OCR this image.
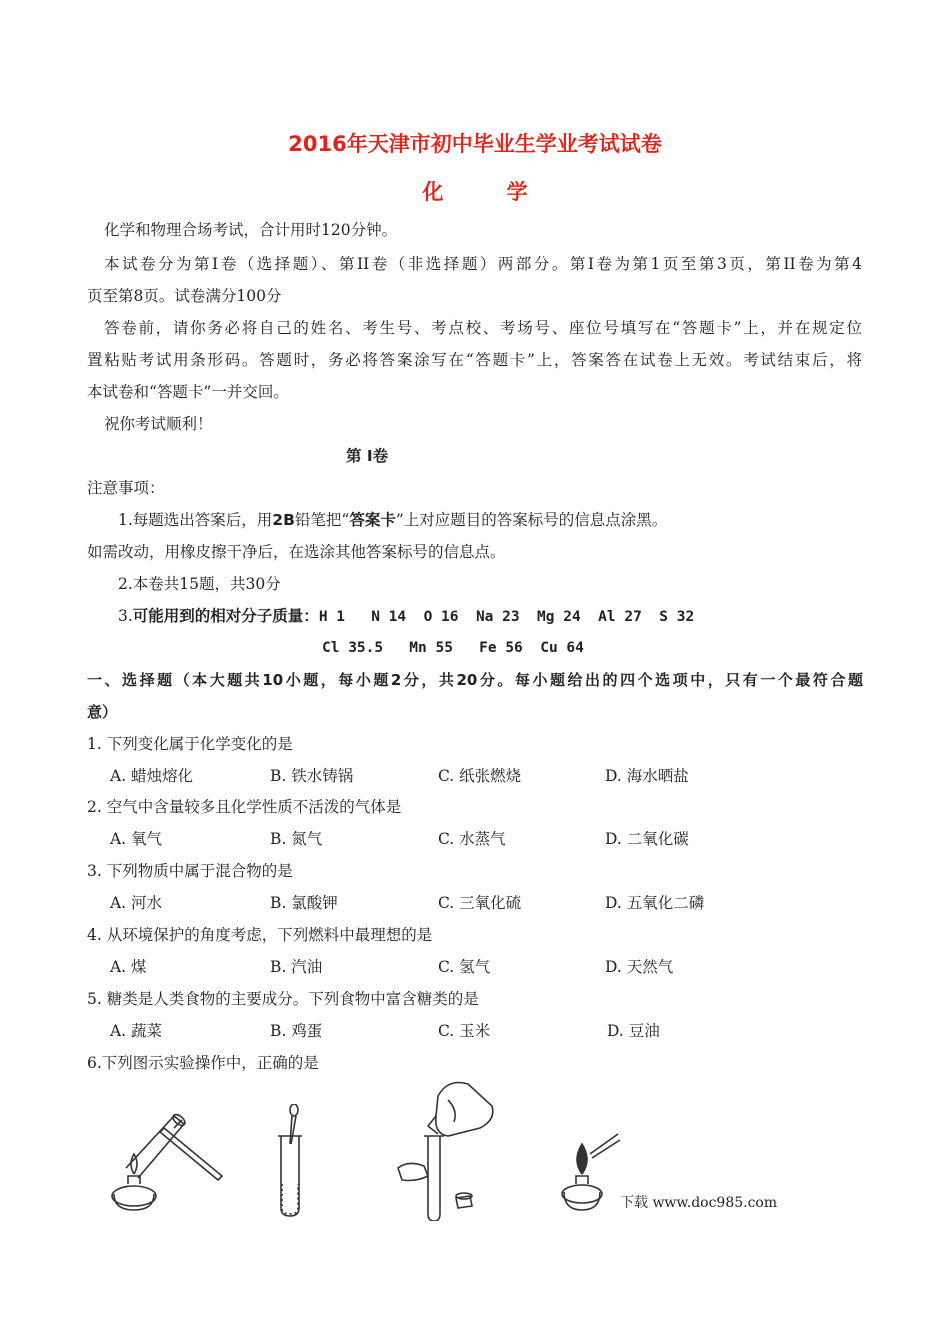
2016年天津市初中毕业生学业考试试卷
化 学
化学和物理合场考试，合计用时120分钟。
本试卷分为第I卷（选择题）、第II卷（非选择题）两部分。第I卷为第1页至第3页，第II卷为第4
页至第8页。试卷满分100分
答卷前，请你务必将自己的姓名、考生号、考点校、考场号、座位号填写在“答题卡”上，并在规定位
置粘贴考试用条形码。答题时，务必将答案涂写在“答题卡”上，答案答在试卷上无效。考试结束后，将
本试卷和“答题卡”一并交回。
祝你考试顺利！
第 I卷
注意事项：
1.每题选出答案后，用2B铅笔把“答案卡”上对应题目的答案标号的信息点涂黑。
如需改动，用橡皮擦干净后，在选涂其他答案标号的信息点。
2.本卷共15题，共30分
3.可能用到的相对分子质量：H 1   N 14  O 16  Na 23  Mg 24  Al 27  S 32
Cl 35.5   Mn 55   Fe 56  Cu 64
一、选择题（本大题共10小题，每小题2分，共20分。每小题给出的四个选项中，只有一个最符合题
意）
1. 下列变化属于化学变化的是
A. 蜡烛熔化	B. 铁水铸锅	C. 纸张燃烧	D. 海水晒盐
2. 空气中含量较多且化学性质不活泼的气体是
A. 氧气	B. 氮气	C. 水蒸气	D. 二氧化碳
3. 下列物质中属于混合物的是
A. 河水	B. 氯酸钾	C. 三氧化硫	D. 五氧化二磷
4. 从环境保护的角度考虑，下列燃料中最理想的是
A. 煤	B. 汽油	C. 氢气	D. 天然气
5. 糖类是人类食物的主要成分。下列食物中富含糖类的是
A. 蔬菜	B. 鸡蛋	C. 玉米	D. 豆油
6.下列图示实验操作中，正确的是
下载 www.doc985.com
